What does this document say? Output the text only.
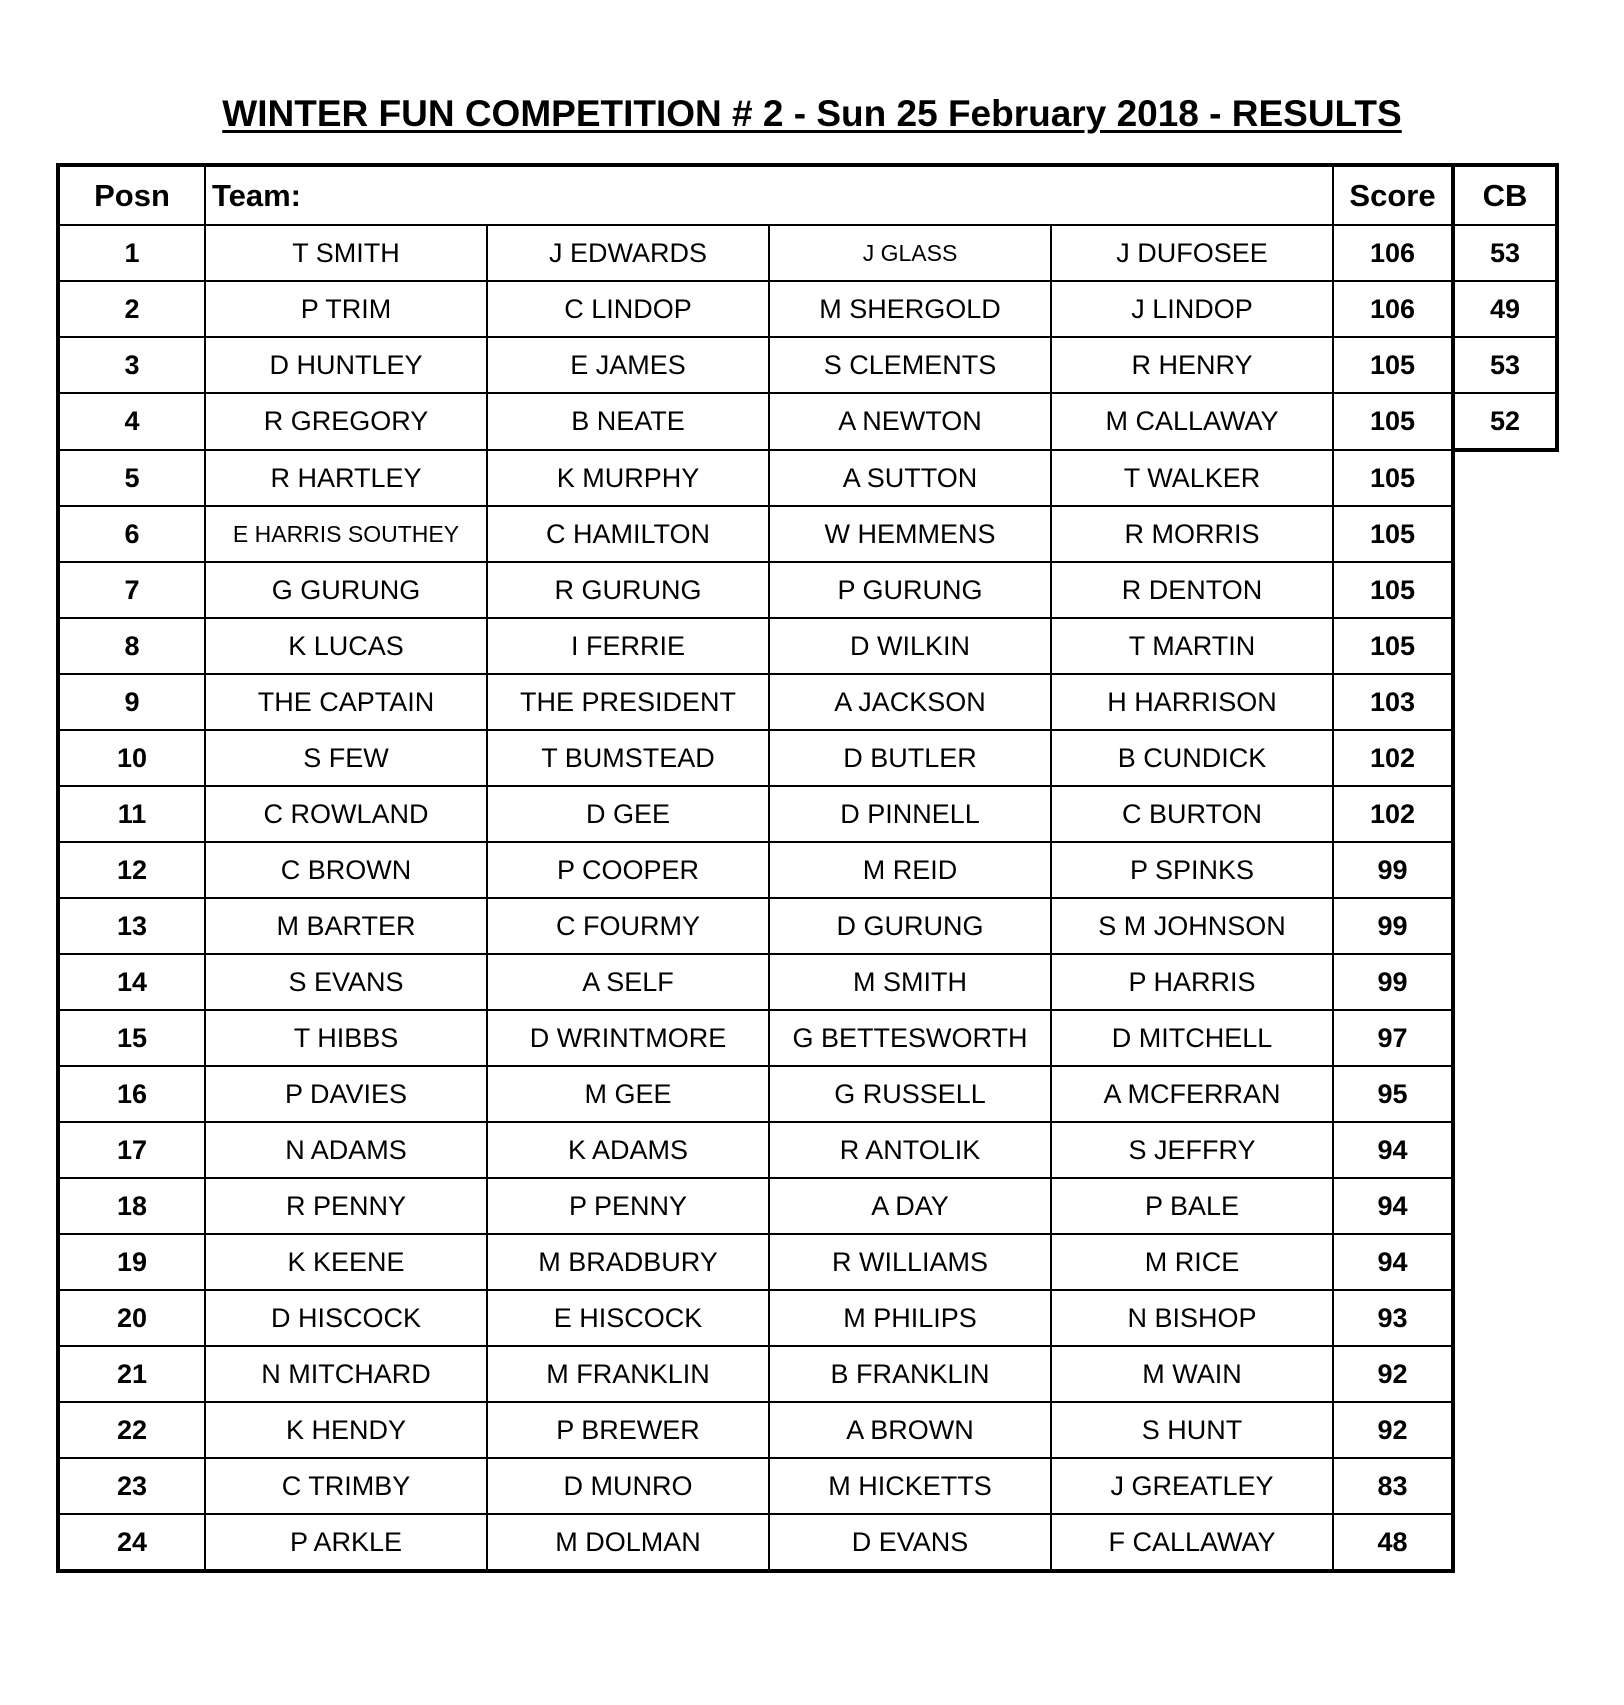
WINTER FUN COMPETITION # 2 - Sun 25 February 2018 - RESULTS
Posn	Team:				Score	CB
1	T SMITH	J EDWARDS	J GLASS	J DUFOSEE	106	53
2	P TRIM	C LINDOP	M SHERGOLD	J LINDOP	106	49
3	D HUNTLEY	E JAMES	S CLEMENTS	R HENRY	105	53
4	R GREGORY	B NEATE	A NEWTON	M CALLAWAY	105	52
5	R HARTLEY	K MURPHY	A SUTTON	T WALKER	105	
6	E HARRIS SOUTHEY	C HAMILTON	W HEMMENS	R MORRIS	105	
7	G GURUNG	R GURUNG	P GURUNG	R DENTON	105	
8	K LUCAS	I FERRIE	D WILKIN	T MARTIN	105	
9	THE CAPTAIN	THE PRESIDENT	A JACKSON	H HARRISON	103	
10	S FEW	T BUMSTEAD	D BUTLER	B CUNDICK	102	
11	C ROWLAND	D GEE	D PINNELL	C BURTON	102	
12	C BROWN	P COOPER	M REID	P SPINKS	99	
13	M BARTER	C FOURMY	D GURUNG	S M JOHNSON	99	
14	S EVANS	A SELF	M SMITH	P HARRIS	99	
15	T HIBBS	D WRINTMORE	G BETTESWORTH	D MITCHELL	97	
16	P DAVIES	M GEE	G RUSSELL	A MCFERRAN	95	
17	N ADAMS	K ADAMS	R ANTOLIK	S JEFFRY	94	
18	R PENNY	P PENNY	A DAY	P BALE	94	
19	K KEENE	M BRADBURY	R WILLIAMS	M RICE	94	
20	D HISCOCK	E HISCOCK	M PHILIPS	N BISHOP	93	
21	N MITCHARD	M FRANKLIN	B FRANKLIN	M WAIN	92	
22	K HENDY	P BREWER	A BROWN	S HUNT	92	
23	C TRIMBY	D MUNRO	M HICKETTS	J GREATLEY	83	
24	P ARKLE	M DOLMAN	D EVANS	F CALLAWAY	48	
